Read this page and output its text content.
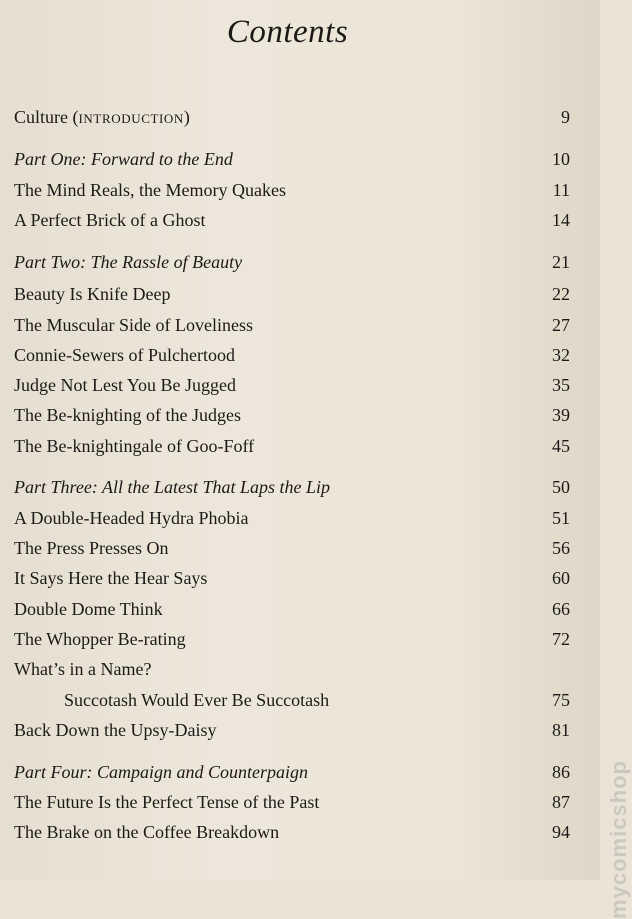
Contents
Culture (introduction)	9
Part One: Forward to the End	10
The Mind Reals, the Memory Quakes	11
A Perfect Brick of a Ghost	14
Part Two: The Rassle of Beauty	21
Beauty Is Knife Deep	22
The Muscular Side of Loveliness	27
Connie-Sewers of Pulchertood	32
Judge Not Lest You Be Jugged	35
The Be-knighting of the Judges	39
The Be-knightingale of Goo-Foff	45
Part Three: All the Latest That Laps the Lip	50
A Double-Headed Hydra Phobia	51
The Press Presses On	56
It Says Here the Hear Says	60
Double Dome Think	66
The Whopper Be-rating	72
What’s in a Name?
Succotash Would Ever Be Succotash	75
Back Down the Upsy-Daisy	81
Part Four: Campaign and Counterpaign	86
The Future Is the Perfect Tense of the Past	87
The Brake on the Coffee Breakdown	94 mycomicshop
